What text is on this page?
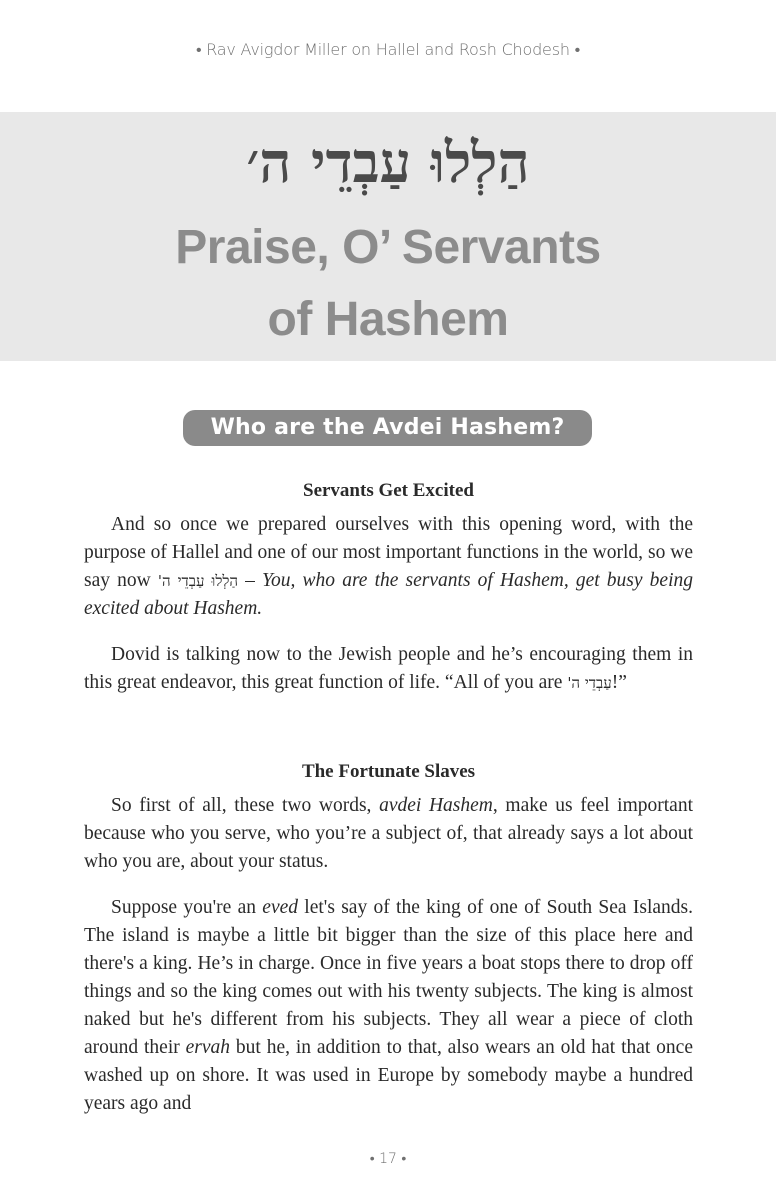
• Rav Avigdor Miller on Hallel and Rosh Chodesh •
הַלְלוּ עַבְדֵי ה׳
Praise, O’ Servants
of Hashem
Who are the Avdei Hashem?
Servants Get Excited

And so once we prepared ourselves with this opening word, with the purpose of Hallel and one of our most important functions in the world, so we say now הַלְלוּ עַבְדֵי ה' – You, who are the servants of Hashem, get busy being excited about Hashem.

Dovid is talking now to the Jewish people and he’s encouraging them in this great endeavor, this great function of life. “All of you are עַבְדֵי ה'!”

The Fortunate Slaves

So first of all, these two words, avdei Hashem, make us feel important because who you serve, who you’re a subject of, that already says a lot about who you are, about your status.

Suppose you're an eved let's say of the king of one of South Sea Islands. The island is maybe a little bit bigger than the size of this place here and there's a king. He’s in charge. Once in five years a boat stops there to drop off things and so the king comes out with his twenty subjects. The king is almost naked but he's different from his subjects. They all wear a piece of cloth around their ervah but he, in addition to that, also wears an old hat that once washed up on shore. It was used in Europe by somebody maybe a hundred years ago and

• 17 •
